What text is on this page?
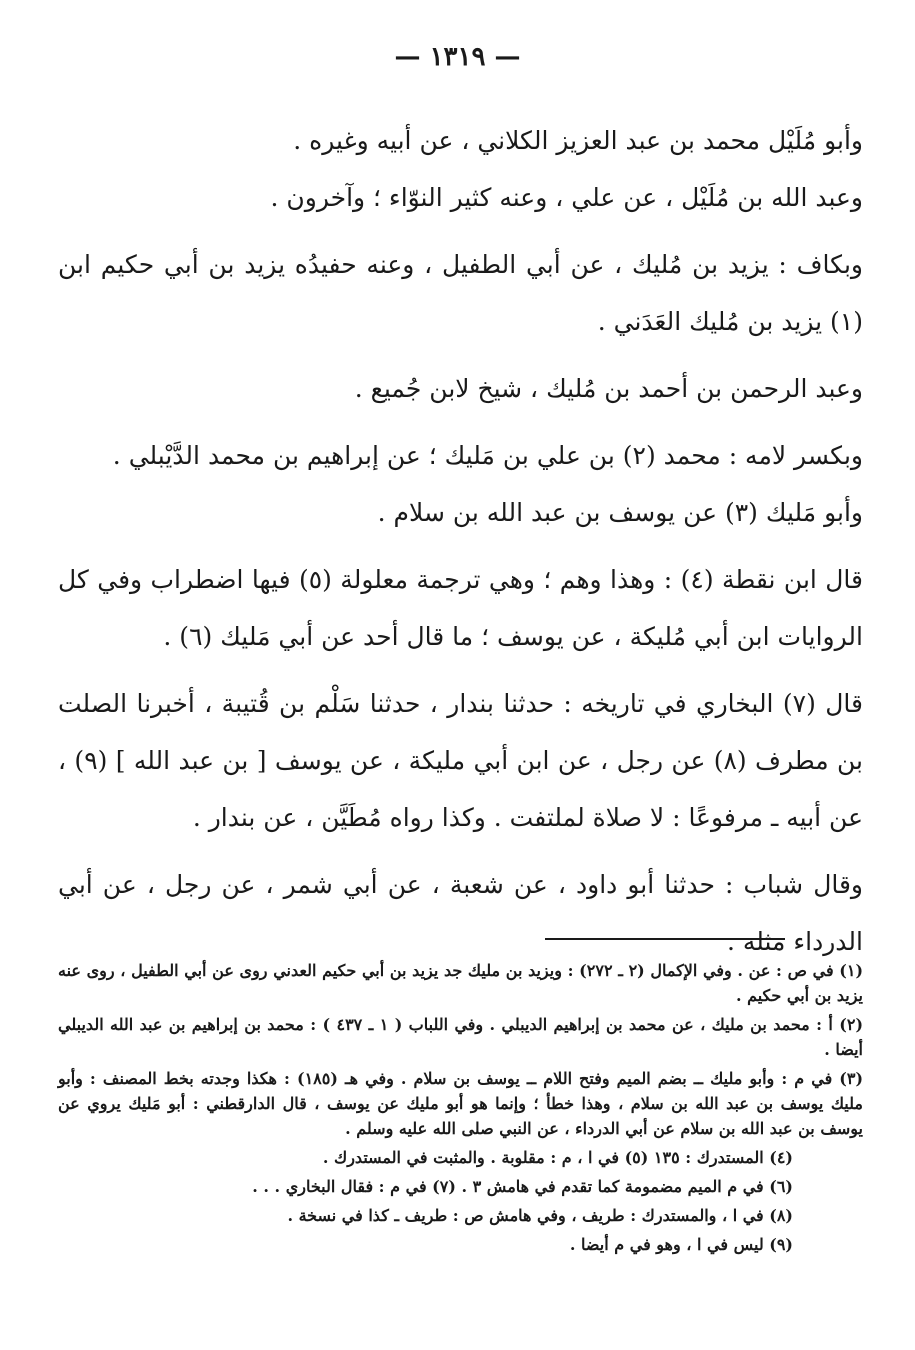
— ١٣١٩ —

وأبو مُلَيْل محمد بن عبد العزيز الكلاني ، عن أبيه وغيره .

وعبد الله بن مُلَيْل ، عن علي ، وعنه كثير النوّاء ؛ وآخرون .

وبكاف : يزيد بن مُليك ، عن أبي الطفيل ، وعنه حفيدُه يزيد بن أبي حكيم ابن (١) يزيد بن مُليك العَدَني .

وعبد الرحمن بن أحمد بن مُليك ، شيخ لابن جُميع .

وبكسر لامه : محمد (٢) بن علي بن مَليك ؛ عن إبراهيم بن محمد الدَّيْبلي .

وأبو مَليك (٣) عن يوسف بن عبد الله بن سلام .

قال ابن نقطة (٤) : وهذا وهم ؛ وهي ترجمة معلولة (٥) فيها اضطراب وفي كل الروايات ابن أبي مُليكة ، عن يوسف ؛ ما قال أحد عن أبي مَليك (٦) .

قال (٧) البخاري في تاريخه : حدثنا بندار ، حدثنا سَلْم بن قُتيبة ، أخبرنا الصلت بن مطرف (٨) عن رجل ، عن ابن أبي مليكة ، عن يوسف [ بن عبد الله ] (٩) ، عن أبيه ـ مرفوعًا : لا صلاة لملتفت . وكذا رواه مُطَيَّن ، عن بندار .

وقال شباب : حدثنا أبو داود ، عن شعبة ، عن أبي شمر ، عن رجل ، عن أبي الدرداء مثله .

(١) في ص : عن . وفي الإكمال (٢ ـ ٢٧٢) : ويزيد بن مليك جد يزيد بن أبي حكيم العدني روى عن أبي الطفيل ، روى عنه يزيد بن أبي حكيم .

(٢) أ : محمد بن مليك ، عن محمد بن إبراهيم الديبلي . وفي اللباب ( ١ ـ ٤٣٧ ) : محمد بن إبراهيم بن عبد الله الديبلي أيضا .

(٣) في م : وأبو مليك ــ بضم الميم وفتح اللام ــ يوسف بن سلام . وفي هـ (١٨٥) : هكذا وجدته بخط المصنف : وأبو مليك يوسف بن عبد الله بن سلام ، وهذا خطأ ؛ وإنما هو أبو مليك عن يوسف ، قال الدارقطني : أبو مَليك يروي عن يوسف بن عبد الله بن سلام عن أبي الدرداء ، عن النبي صلى الله عليه وسلم .

(٤) المستدرك : ١٣٥ (٥) في ا ، م : مقلوبة . والمثبت في المستدرك .

(٦) في م الميم مضمومة كما تقدم في هامش ٣ . (٧) في م : فقال البخاري . . .

(٨) في ا ، والمستدرك : طريف ، وفي هامش ص : طريف ـ كذا في نسخة .

(٩) ليس في ا ، وهو في م أيضا .
